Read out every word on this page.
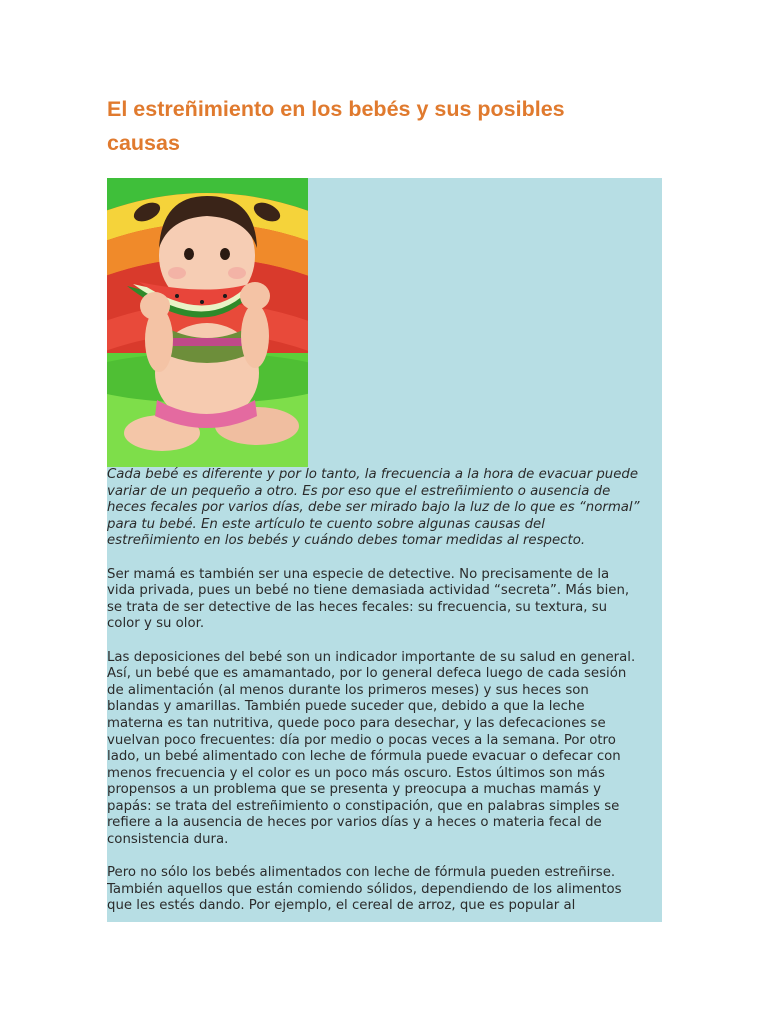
El estreñimiento en los bebés y sus posibles
causas

Cada bebé es diferente y por lo tanto, la frecuencia a la hora de evacuar puede
variar de un pequeño a otro. Es por eso que el estreñimiento o ausencia de
heces fecales por varios días, debe ser mirado bajo la luz de lo que es “normal”
para tu bebé. En este artículo te cuento sobre algunas causas del
estreñimiento en los bebés y cuándo debes tomar medidas al respecto.

Ser mamá es también ser una especie de detective. No precisamente de la
vida privada, pues un bebé no tiene demasiada actividad “secreta”. Más bien,
se trata de ser detective de las heces fecales: su frecuencia, su textura, su
color y su olor.

Las deposiciones del bebé son un indicador importante de su salud en general.
Así, un bebé que es amamantado, por lo general defeca luego de cada sesión
de alimentación (al menos durante los primeros meses) y sus heces son
blandas y amarillas. También puede suceder que, debido a que la leche
materna es tan nutritiva, quede poco para desechar, y las defecaciones se
vuelvan poco frecuentes: día por medio o pocas veces a la semana. Por otro
lado, un bebé alimentado con leche de fórmula puede evacuar o defecar con
menos frecuencia y el color es un poco más oscuro. Estos últimos son más
propensos a un problema que se presenta y preocupa a muchas mamás y
papás: se trata del estreñimiento o constipación, que en palabras simples se
refiere a la ausencia de heces por varios días y a heces o materia fecal de
consistencia dura.

Pero no sólo los bebés alimentados con leche de fórmula pueden estreñirse.
También aquellos que están comiendo sólidos, dependiendo de los alimentos
que les estés dando. Por ejemplo, el cereal de arroz, que es popular al
